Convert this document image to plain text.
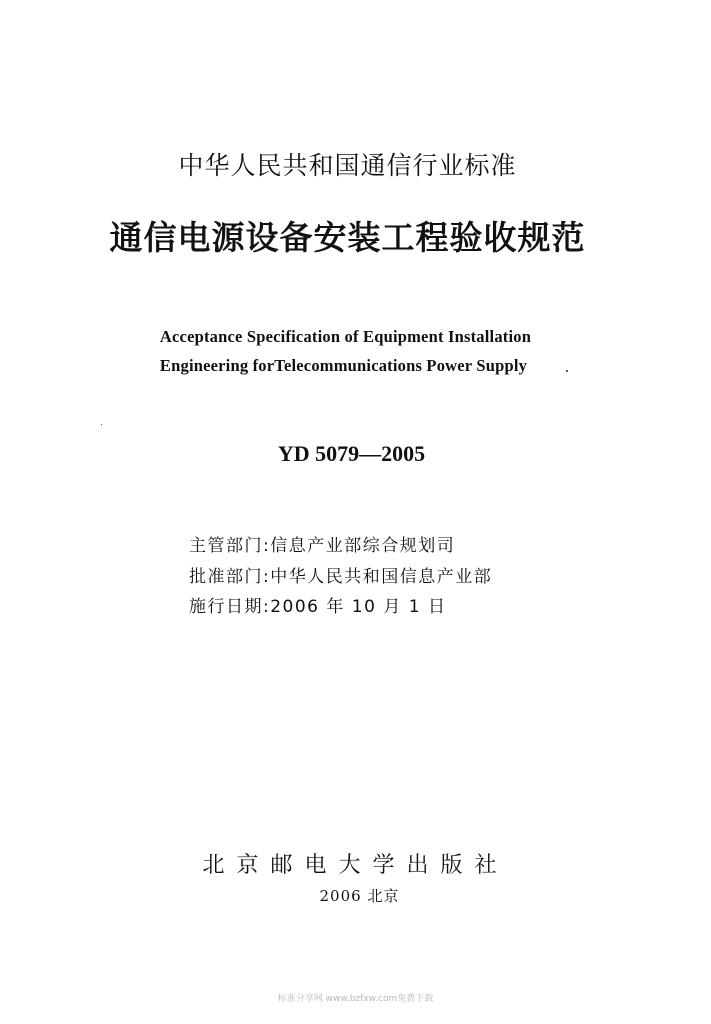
中华人民共和国通信行业标准
通信电源设备安装工程验收规范
Acceptance Specification of Equipment Installation
Engineering forTelecommunications Power Supply
YD 5079—2005
主管部门:信息产业部综合规划司
批准部门:中华人民共和国信息产业部
施行日期:2006 年 10 月 1 日
北京邮电大学出版社
2006 北京
标准分享网 www.bzfxw.com免费下载
